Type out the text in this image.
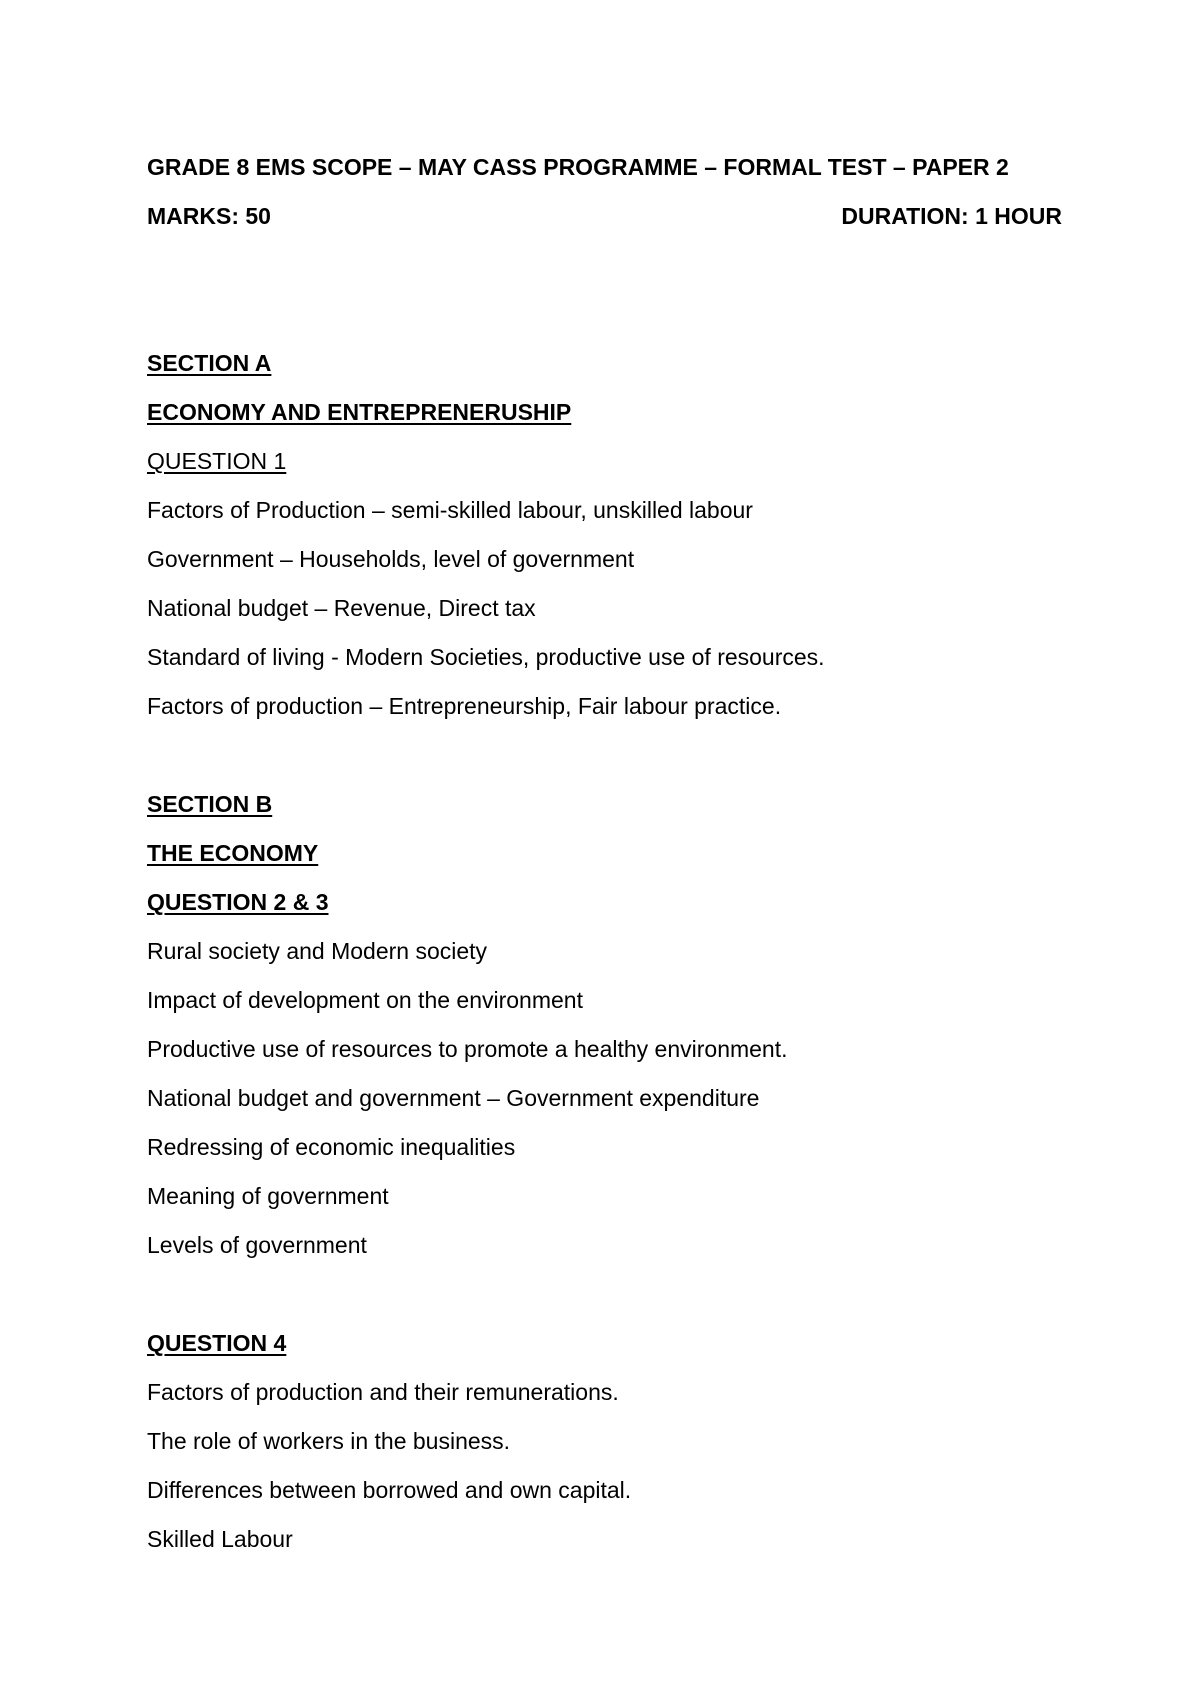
GRADE 8 EMS SCOPE – MAY CASS PROGRAMME – FORMAL TEST – PAPER 2
MARKS: 50	DURATION: 1 HOUR
SECTION A
ECONOMY AND ENTREPRENERUSHIP
QUESTION 1
Factors of Production – semi-skilled labour, unskilled labour
Government – Households, level of government
National budget – Revenue, Direct tax
Standard of living - Modern Societies, productive use of resources.
Factors of production – Entrepreneurship, Fair labour practice.
SECTION B
THE ECONOMY
QUESTION 2 & 3
Rural society and Modern society
Impact of development on the environment
Productive use of resources to promote a healthy environment.
National budget and government – Government expenditure
Redressing of economic inequalities
Meaning of government
Levels of government
QUESTION 4
Factors of production and their remunerations.
The role of workers in the business.
Differences between borrowed and own capital.
Skilled Labour
